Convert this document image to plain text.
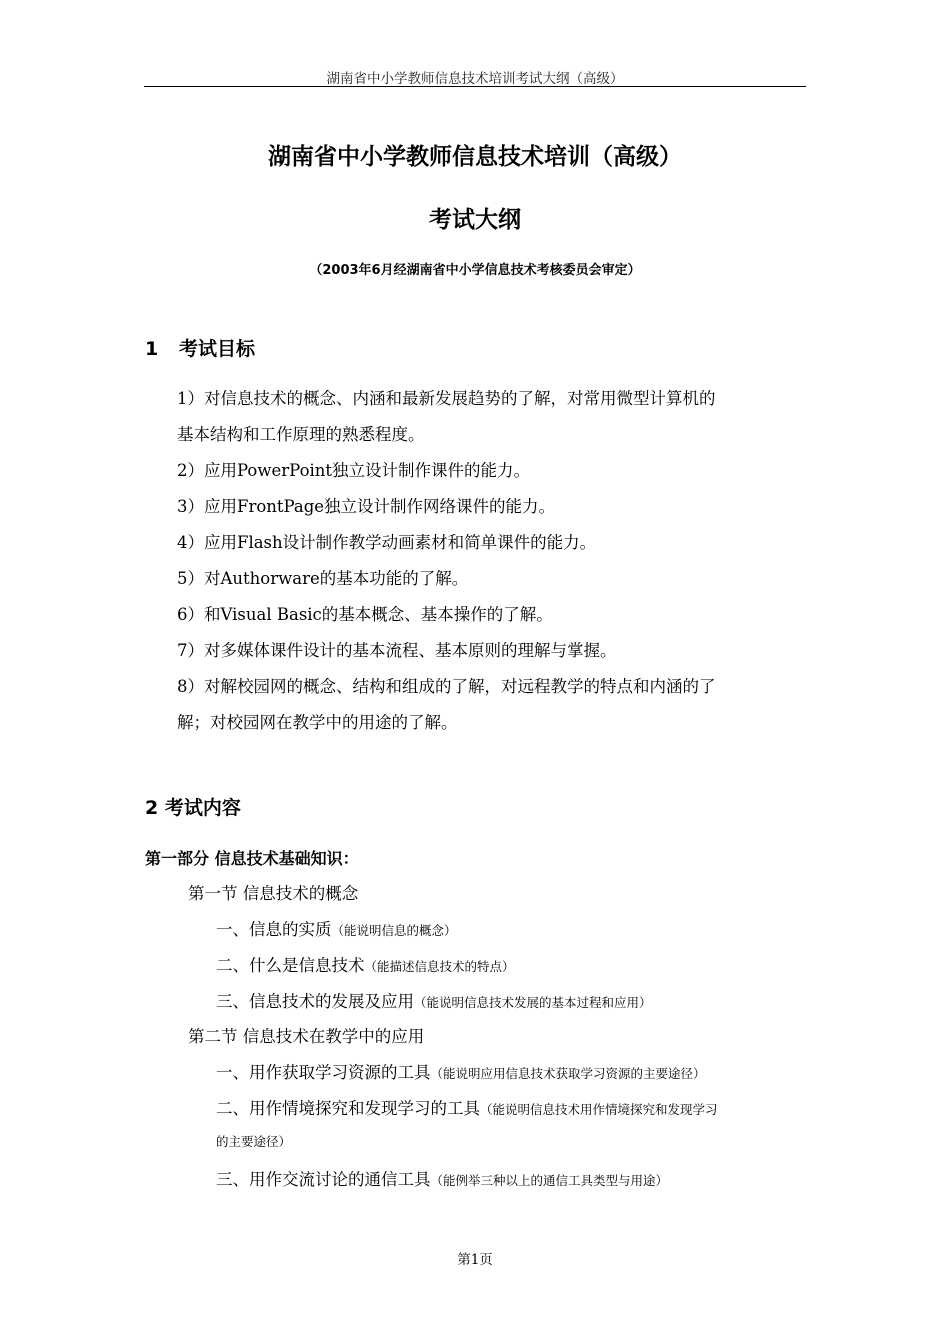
湖南省中小学教师信息技术培训考试大纲（高级）
湖南省中小学教师信息技术培训（高级）
考试大纲
（2003年6月经湖南省中小学信息技术考核委员会审定）
1 考试目标
1）对信息技术的概念、内涵和最新发展趋势的了解，对常用微型计算机的
基本结构和工作原理的熟悉程度。
2）应用PowerPoint独立设计制作课件的能力。
3）应用FrontPage独立设计制作网络课件的能力。
4）应用Flash设计制作教学动画素材和简单课件的能力。
5）对Authorware的基本功能的了解。
6）和Visual Basic的基本概念、基本操作的了解。
7）对多媒体课件设计的基本流程、基本原则的理解与掌握。
8）对解校园网的概念、结构和组成的了解，对远程教学的特点和内涵的了
解；对校园网在教学中的用途的了解。
2 考试内容
第一部分 信息技术基础知识：
第一节 信息技术的概念
一、信息的实质（能说明信息的概念）
二、什么是信息技术（能描述信息技术的特点）
三、信息技术的发展及应用（能说明信息技术发展的基本过程和应用）
第二节 信息技术在教学中的应用
一、用作获取学习资源的工具（能说明应用信息技术获取学习资源的主要途径）
二、用作情境探究和发现学习的工具（能说明信息技术用作情境探究和发现学习
的主要途径）
三、用作交流讨论的通信工具（能例举三种以上的通信工具类型与用途）
第1页
